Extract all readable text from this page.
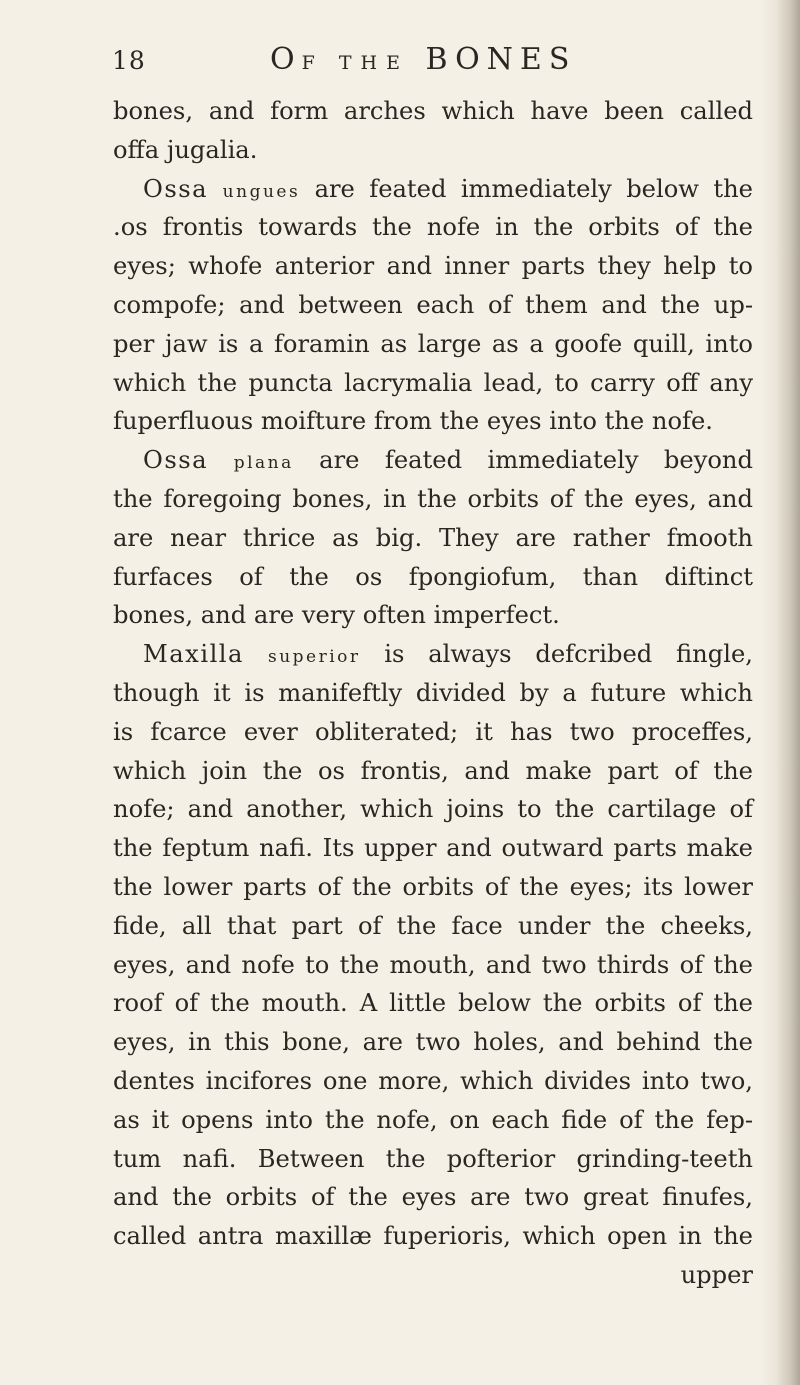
18	OF THE BONES
bones, and form arches which have been called
offa jugalia.
Ossa ungues are feated immediately below the
.os frontis towards the nofe in the orbits of the
eyes; whofe anterior and inner parts they help to
compofe; and between each of them and the up-
per jaw is a foramin as large as a goofe quill, into
which the puncta lacrymalia lead, to carry off any
fuperfluous moifture from the eyes into the nofe.
Ossa plana are feated immediately beyond
the foregoing bones, in the orbits of the eyes, and
are near thrice as big. They are rather fmooth
furfaces of the os fpongiofum, than diftinct
bones, and are very often imperfect.
Maxilla superior is always defcribed fingle,
though it is manifeftly divided by a future which
is fcarce ever obliterated; it has two proceffes,
which join the os frontis, and make part of the
nofe; and another, which joins to the cartilage of
the feptum nafi. Its upper and outward parts make
the lower parts of the orbits of the eyes; its lower
fide, all that part of the face under the cheeks,
eyes, and nofe to the mouth, and two thirds of the
roof of the mouth. A little below the orbits of the
eyes, in this bone, are two holes, and behind the
dentes incifores one more, which divides into two,
as it opens into the nofe, on each fide of the fep-
tum nafi. Between the pofterior grinding-teeth
and the orbits of the eyes are two great finufes,
called antra maxillæ fuperioris, which open in the
upper
